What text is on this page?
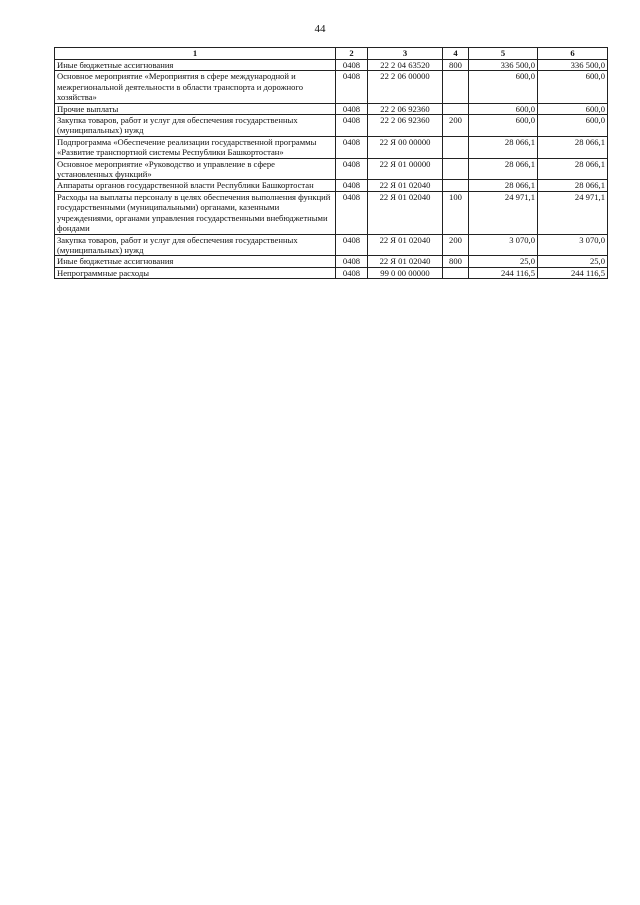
44
1	2	3	4	5	6
Иные бюджетные ассигнования	0408	22 2 04 63520	800	336 500,0	336 500,0
Основное мероприятие «Мероприятия в сфере международной и межрегиональной деятельности в области транспорта и дорожного хозяйства»	0408	22 2 06 00000		600,0	600,0
Прочие выплаты	0408	22 2 06 92360		600,0	600,0
Закупка товаров, работ и услуг для обеспечения государственных (муниципальных) нужд	0408	22 2 06 92360	200	600,0	600,0
Подпрограмма «Обеспечение реализации государственной программы «Развитие транспортной системы Республики Башкортостан»	0408	22 Я 00 00000		28 066,1	28 066,1
Основное мероприятие «Руководство и управление в сфере установленных функций»	0408	22 Я 01 00000		28 066,1	28 066,1
Аппараты органов государственной власти Республики Башкортостан	0408	22 Я 01 02040		28 066,1	28 066,1
Расходы на выплаты персоналу в целях обеспечения выполнения функций государственными (муниципальными) органами, казенными учреждениями, органами управления государственными внебюджетными фондами	0408	22 Я 01 02040	100	24 971,1	24 971,1
Закупка товаров, работ и услуг для обеспечения государственных (муниципальных) нужд	0408	22 Я 01 02040	200	3 070,0	3 070,0
Иные бюджетные ассигнования	0408	22 Я 01 02040	800	25,0	25,0
Непрограммные расходы	0408	99 0 00 00000		244 116,5	244 116,5
